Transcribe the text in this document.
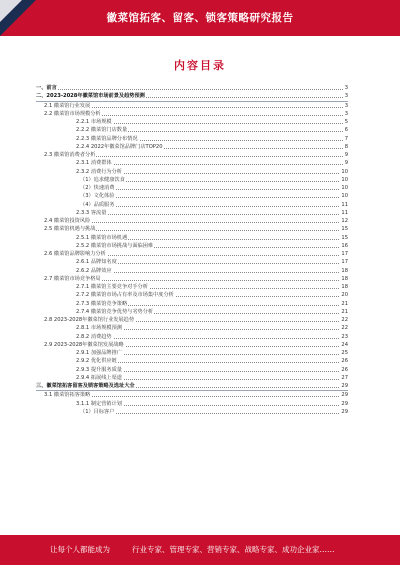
徽菜馆拓客、留客、锁客策略研究报告
内容目录
一、前言	3
二、2023-2028年徽菜馆市场前景及趋势预测	3
2.1 徽菜馆行业发展	3
2.2 徽菜馆市场规模分析	3
2.2.1 市场规模	5
2.2.2 徽菜馆门店数量	6
2.2.3 徽菜馆品牌分布情况	7
2.2.4 2022年徽菜馆品牌门店TOP20	8
2.3 徽菜馆消费者分析	9
2.3.1 消费群体	9
2.3.2 消费行为分析	10
（1）追求健康饮食	10
（2）快速消费	10
（3）文化体验	10
（4）品质服务	11
2.3.3 客流量	11
2.4 徽菜馆投资风险	12
2.5 徽菜馆机遇与挑战	15
2.5.1 徽菜馆市场机遇	15
2.5.2 徽菜馆市场挑战与面临困难	16
2.6 徽菜馆品牌影响力分析	17
2.6.1 品牌知名度	17
2.6.2 品牌效应	18
2.7 徽菜馆市场竞争格局	18
2.7.1 徽菜馆主要竞争对手分析	18
2.7.2 徽菜馆市场占有率及市场集中度分析	20
2.7.3 徽菜馆竞争策略	21
2.7.4 徽菜馆竞争优势与劣势分析	21
2.8 2023-2028年徽菜馆行业发展趋势	22
2.8.1 市场规模预测	22
2.8.2 消费趋势	23
2.9 2023-2028年徽菜馆发展战略	24
2.9.1 加强品牌推广	25
2.9.2 优化供应链	26
2.9.3 提升服务质量	26
2.9.4 拓展线上渠道	27
三、徽菜馆拓客留客及锁客策略及选址大全	29
3.1 徽菜馆拓客策略	29
3.1.1 制定营销计划	29
（1）目标客户	29
让每个人都能成为	行业专家、管理专家、营销专家、战略专家、成功企业家……
